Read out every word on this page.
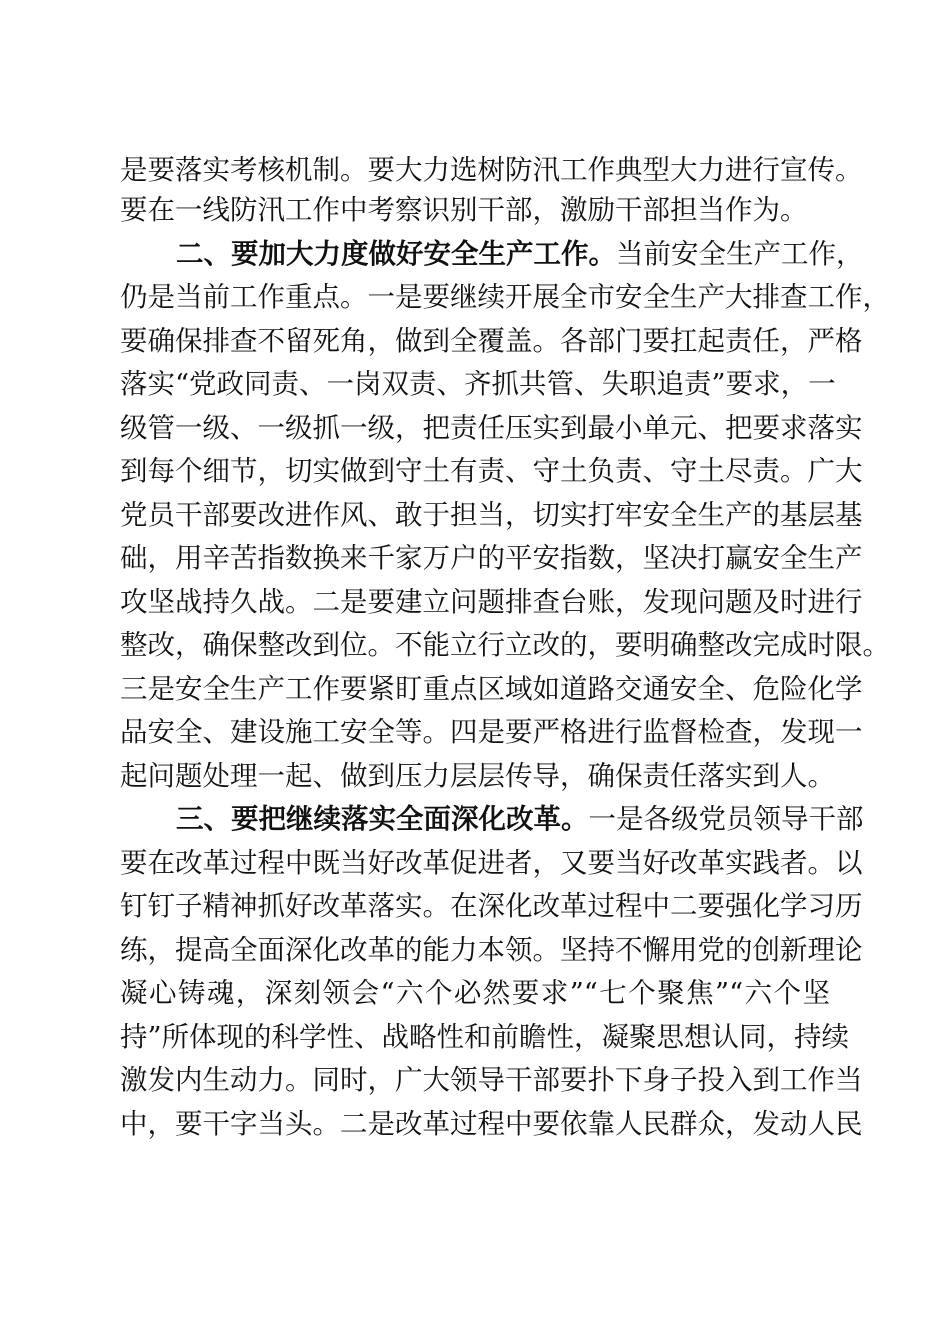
是要落实考核机制。要大力选树防汛工作典型大力进行宣传。
要在一线防汛工作中考察识别干部，激励干部担当作为。
二、要加大力度做好安全生产工作。当前安全生产工作，
仍是当前工作重点。一是要继续开展全市安全生产大排查工作，
要确保排查不留死角，做到全覆盖。各部门要扛起责任，严格
落实“党政同责、一岗双责、齐抓共管、失职追责”要求，一
级管一级、一级抓一级，把责任压实到最小单元、把要求落实
到每个细节，切实做到守土有责、守土负责、守土尽责。广大
党员干部要改进作风、敢于担当，切实打牢安全生产的基层基
础，用辛苦指数换来千家万户的平安指数，坚决打赢安全生产
攻坚战持久战。二是要建立问题排查台账，发现问题及时进行
整改，确保整改到位。不能立行立改的，要明确整改完成时限。
三是安全生产工作要紧盯重点区域如道路交通安全、危险化学
品安全、建设施工安全等。四是要严格进行监督检查，发现一
起问题处理一起、做到压力层层传导，确保责任落实到人。
三、要把继续落实全面深化改革。一是各级党员领导干部
要在改革过程中既当好改革促进者，又要当好改革实践者。以
钉钉子精神抓好改革落实。在深化改革过程中二要强化学习历
练，提高全面深化改革的能力本领。坚持不懈用党的创新理论
凝心铸魂，深刻领会“六个必然要求”“七个聚焦”“六个坚
持”所体现的科学性、战略性和前瞻性，凝聚思想认同，持续
激发内生动力。同时，广大领导干部要扑下身子投入到工作当
中，要干字当头。二是改革过程中要依靠人民群众，发动人民
